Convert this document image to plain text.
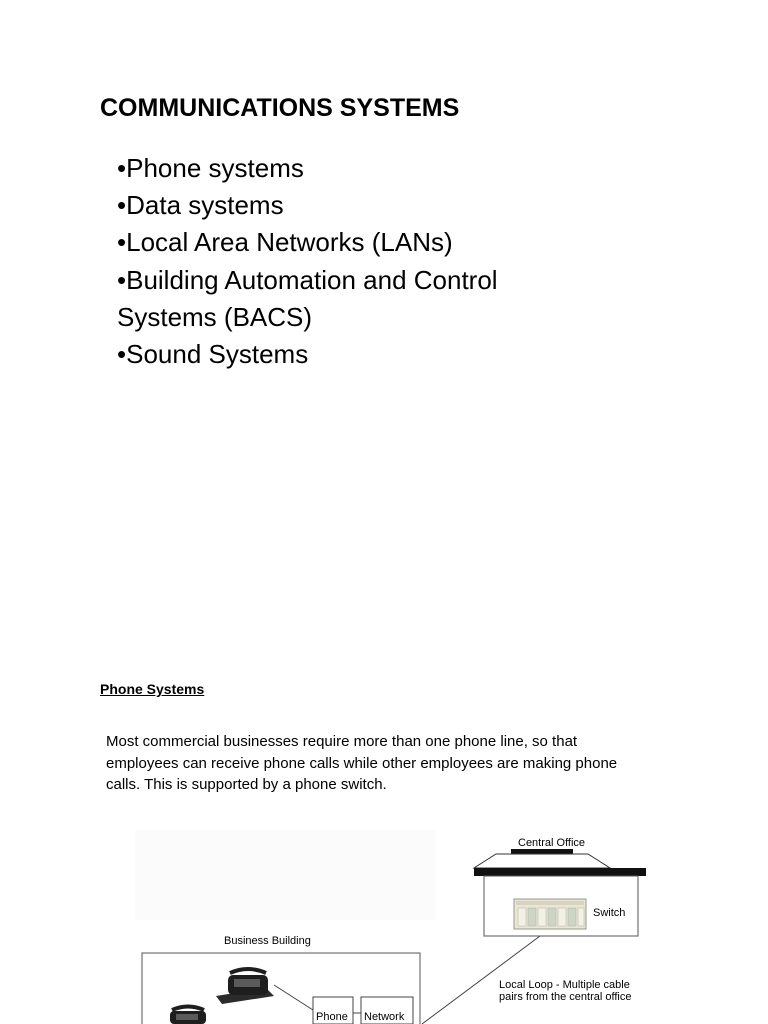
COMMUNICATIONS SYSTEMS
•Phone systems
•Data systems
•Local Area Networks (LANs)
•Building Automation and Control Systems (BACS)
•Sound Systems
Phone Systems
Most commercial businesses require more than one phone line, so that employees can receive phone calls while other employees are making phone calls. This is supported by a phone switch.
Central Office
Switch
Business Building
Phone Network
Local Loop - Multiple cable
pairs from the central office
